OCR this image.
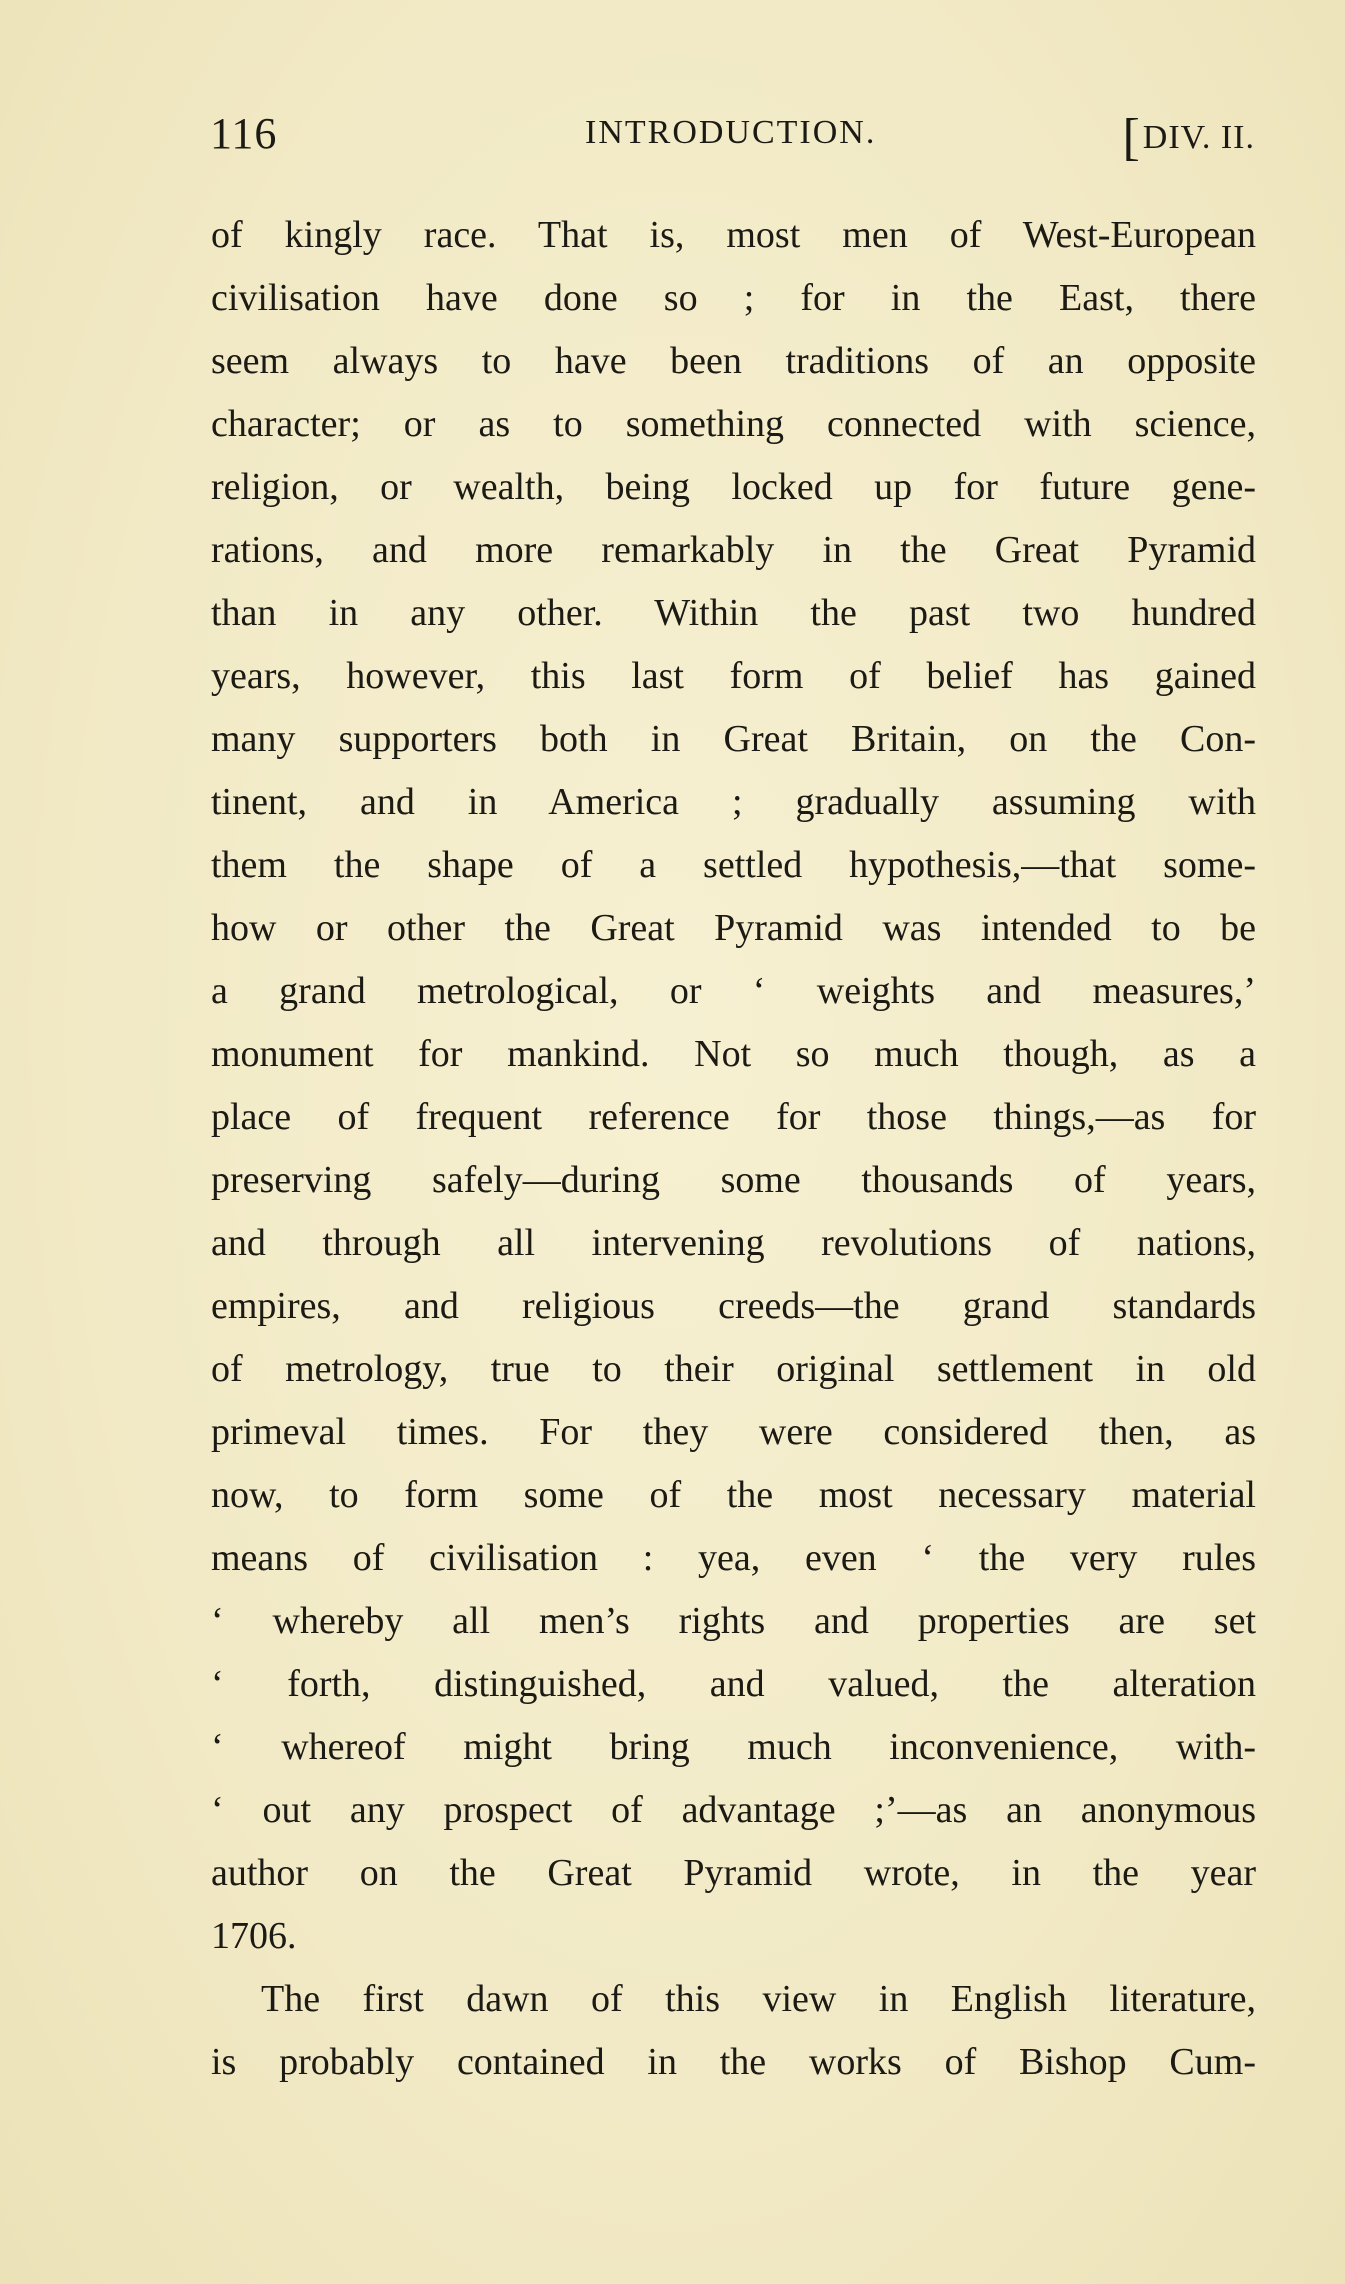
116	INTRODUCTION.	[DIV. II.
of kingly race. That is, most men of West-European
civilisation have done so ; for in the East, there
seem always to have been traditions of an opposite
character; or as to something connected with science,
religion, or wealth, being locked up for future gene-
rations, and more remarkably in the Great Pyramid
than in any other. Within the past two hundred
years, however, this last form of belief has gained
many supporters both in Great Britain, on the Con-
tinent, and in America ; gradually assuming with
them the shape of a settled hypothesis,—that some-
how or other the Great Pyramid was intended to be
a grand metrological, or ‘ weights and measures,’
monument for mankind. Not so much though, as a
place of frequent reference for those things,—as for
preserving safely—during some thousands of years,
and through all intervening revolutions of nations,
empires, and religious creeds—the grand standards
of metrology, true to their original settlement in old
primeval times. For they were considered then, as
now, to form some of the most necessary material
means of civilisation : yea, even ‘ the very rules
‘ whereby all men’s rights and properties are set
‘ forth, distinguished, and valued, the alteration
‘ whereof might bring much inconvenience, with-
‘ out any prospect of advantage ;’—as an anonymous
author on the Great Pyramid wrote, in the year
1706.
The first dawn of this view in English literature,
is probably contained in the works of Bishop Cum-
